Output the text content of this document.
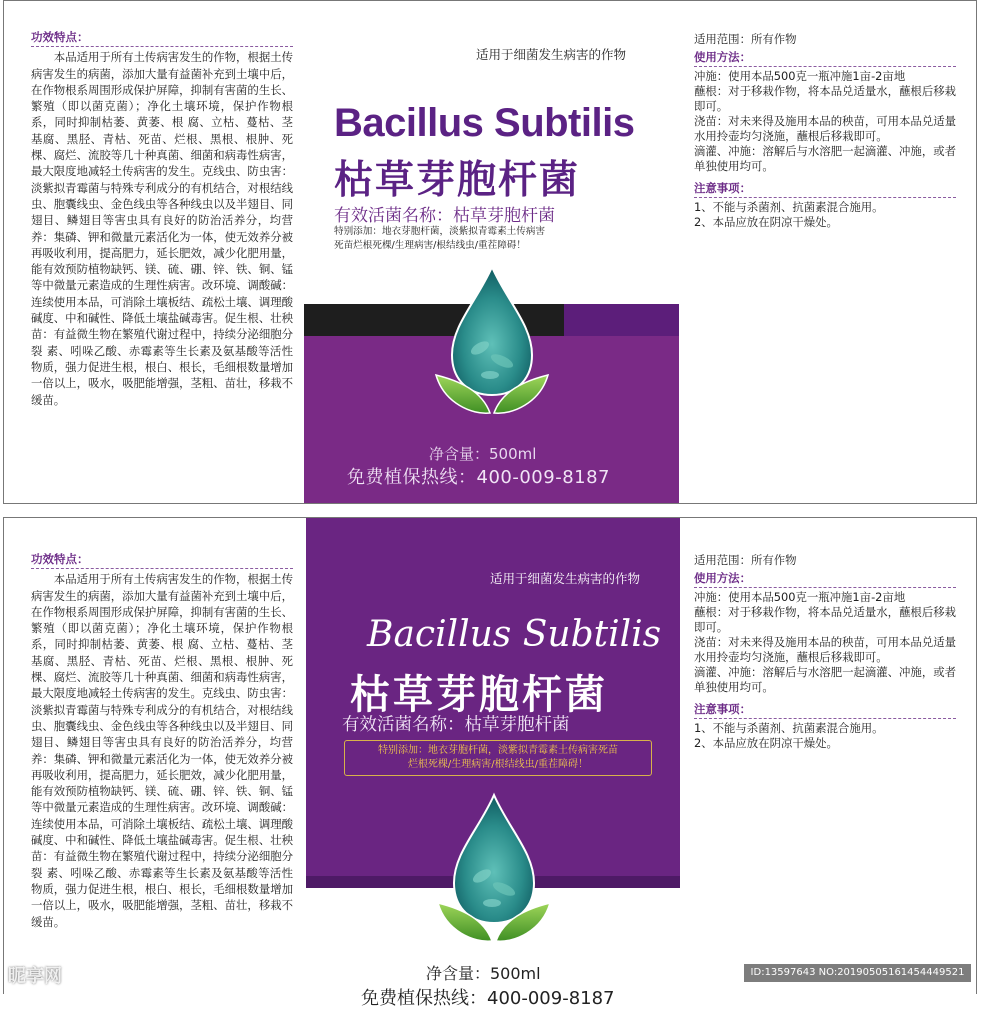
功效特点：
本品适用于所有土传病害发生的作物，根据土传病害发生的病菌，添加大量有益菌补充到土壤中后，在作物根系周围形成保护屏障，抑制有害菌的生长、繁殖（即以菌克菌）；净化土壤环境，保护作物根系，同时抑制枯萎、黄萎、根 腐、立枯、蔓枯、茎基腐、黑胫、青枯、死苗、烂根、黑根、根肿、死棵、腐烂、流胶等几十种真菌、细菌和病毒性病害，最大限度地减轻土传病害的发生。克线虫、防虫害：淡紫拟青霉菌与特殊专利成分的有机结合，对根结线虫、胞囊线虫、金色线虫等各种线虫以及半翅目、同翅目、鳞翅目等害虫具有良好的防治活养分，均营养：集磷、钾和微量元素活化为一体，使无效养分被再吸收利用，提高肥力，延长肥效，减少化肥用量，能有效预防植物缺钙、镁、硫、硼、锌、铁、铜、锰等中微量元素造成的生理性病害。改环境、调酸碱：连续使用本品，可消除土壤板结、疏松土壤、调理酸碱度、中和碱性、降低土壤盐碱毒害。促生根、壮秧苗：有益微生物在繁殖代谢过程中，持续分泌细胞分裂 素、吲哚乙酸、赤霉素等生长素及氨基酸等活性物质，强力促进生根，根白、根长，毛细根数量增加一倍以上，吸水，吸肥能增强，茎粗、苗壮，移栽不缓苗。
适用于细菌发生病害的作物
Bacillus Subtilis
枯草芽胞杆菌
有效活菌名称：枯草芽胞杆菌
特别添加：地衣芽胞杆菌，淡紫拟青霉素土传病害
死苗烂根死棵/生理病害/根结线虫/重茬障碍！
净含量：500ml
免费植保热线：400-009-8187

适用范围：所有作物

使用方法：

冲施：使用本品500克一瓶冲施1亩-2亩地

蘸根：对于移栽作物，将本品兑适量水，蘸根后移栽即可。

浇苗：对未来得及施用本品的秧苗，可用本品兑适量水用拎壶均匀浇施，蘸根后移栽即可。

滴灌、冲施：溶解后与水溶肥一起滴灌、冲施，或者单独使用均可。

注意事项：

1、不能与杀菌剂、抗菌素混合施用。

2、本品应放在阴凉干燥处。

功效特点：
本品适用于所有土传病害发生的作物，根据土传病害发生的病菌，添加大量有益菌补充到土壤中后，在作物根系周围形成保护屏障，抑制有害菌的生长、繁殖（即以菌克菌）；净化土壤环境，保护作物根系，同时抑制枯萎、黄萎、根 腐、立枯、蔓枯、茎基腐、黑胫、青枯、死苗、烂根、黑根、根肿、死棵、腐烂、流胶等几十种真菌、细菌和病毒性病害，最大限度地减轻土传病害的发生。克线虫、防虫害：淡紫拟青霉菌与特殊专利成分的有机结合，对根结线虫、胞囊线虫、金色线虫等各种线虫以及半翅目、同翅目、鳞翅目等害虫具有良好的防治活养分，均营养：集磷、钾和微量元素活化为一体，使无效养分被再吸收利用，提高肥力，延长肥效，减少化肥用量，能有效预防植物缺钙、镁、硫、硼、锌、铁、铜、锰等中微量元素造成的生理性病害。改环境、调酸碱：连续使用本品，可消除土壤板结、疏松土壤、调理酸碱度、中和碱性、降低土壤盐碱毒害。促生根、壮秧苗：有益微生物在繁殖代谢过程中，持续分泌细胞分裂 素、吲哚乙酸、赤霉素等生长素及氨基酸等活性物质，强力促进生根，根白、根长，毛细根数量增加一倍以上，吸水，吸肥能增强，茎粗、苗壮，移栽不缓苗。
适用于细菌发生病害的作物
Bacillus Subtilis
枯草芽胞杆菌
有效活菌名称：枯草芽胞杆菌
特别添加：地衣芽胞杆菌，淡紫拟青霉素土传病害死苗
烂根死棵/生理病害/根结线虫/重茬障碍！
净含量：500ml
免费植保热线：400-009-8187

适用范围：所有作物

使用方法：

冲施：使用本品500克一瓶冲施1亩-2亩地

蘸根：对于移栽作物，将本品兑适量水，蘸根后移栽即可。

浇苗：对未来得及施用本品的秧苗，可用本品兑适量水用拎壶均匀浇施，蘸根后移栽即可。

滴灌、冲施：溶解后与水溶肥一起滴灌、冲施，或者单独使用均可。

注意事项：

1、不能与杀菌剂、抗菌素混合施用。

2、本品应放在阴凉干燥处。

昵享网	ID:13597643 NO:20190505161454449521
